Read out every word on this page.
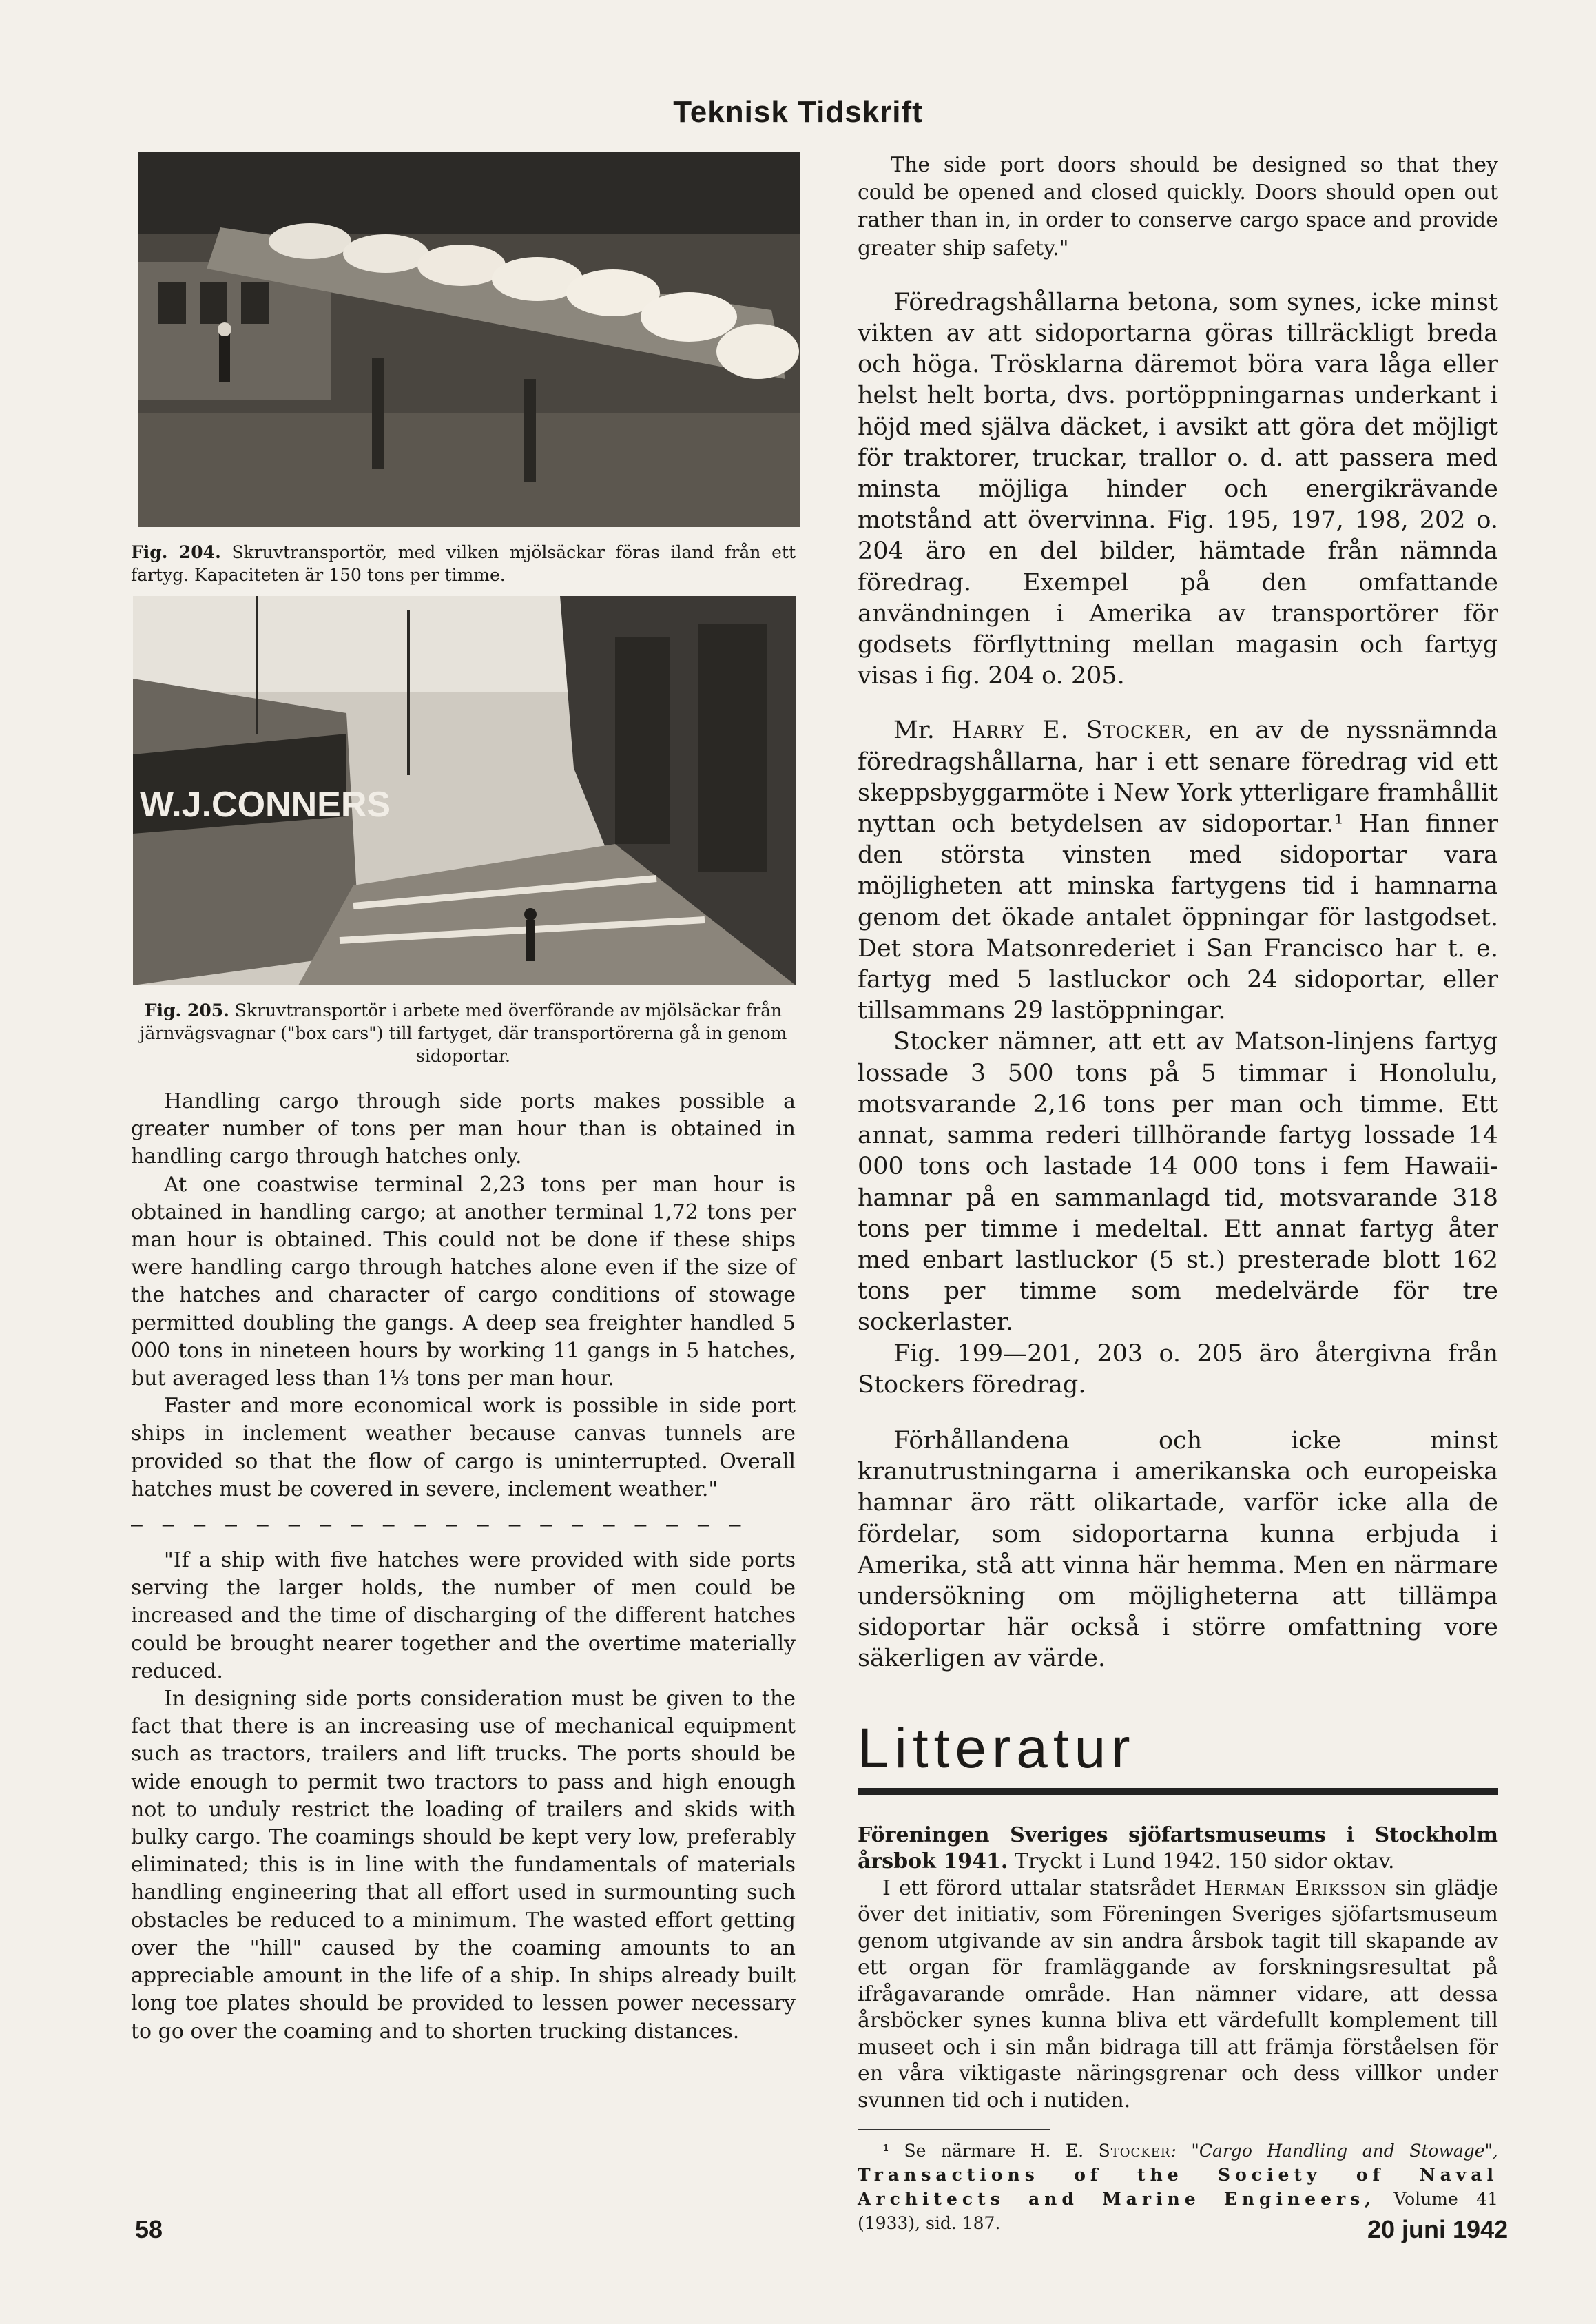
Teknisk Tidskrift

Fig. 204. Skruvtransportör, med vilken mjölsäckar föras iland från ett fartyg. Kapaciteten är 150 tons per timme.

W.J.CONNERS

Fig. 205. Skruvtransportör i arbete med överförande av mjölsäckar från järnvägsvagnar ("box cars") till fartyget, där transportörerna gå in genom sidoportar.

Handling cargo through side ports makes possible a greater number of tons per man hour than is obtained in handling cargo through hatches only.

At one coastwise terminal 2,23 tons per man hour is obtained in handling cargo; at another terminal 1,72 tons per man hour is obtained. This could not be done if these ships were handling cargo through hatches alone even if the size of the hatches and character of cargo conditions of stowage permitted doubling the gangs. A deep sea freighter handled 5 000 tons in nineteen hours by working 11 gangs in 5 hatches, but averaged less than 1⅓ tons per man hour.

Faster and more economical work is possible in side port ships in inclement weather because canvas tunnels are provided so that the flow of cargo is uninterrupted. Overall hatches must be covered in severe, inclement weather."

— — — — — — — — — — — — — — — — — — — —

"If a ship with five hatches were provided with side ports serving the larger holds, the number of men could be increased and the time of discharging of the different hatches could be brought nearer together and the overtime materially reduced.

In designing side ports consideration must be given to the fact that there is an increasing use of mechanical equipment such as tractors, trailers and lift trucks. The ports should be wide enough to permit two tractors to pass and high enough not to unduly restrict the loading of trailers and skids with bulky cargo. The coamings should be kept very low, preferably eliminated; this is in line with the fundamentals of materials handling engineering that all effort used in surmounting such obstacles be reduced to a minimum. The wasted effort getting over the "hill" caused by the coaming amounts to an appreciable amount in the life of a ship. In ships already built long toe plates should be provided to lessen power necessary to go over the coaming and to shorten trucking distances.

The side port doors should be designed so that they could be opened and closed quickly. Doors should open out rather than in, in order to conserve cargo space and provide greater ship safety."

Föredragshållarna betona, som synes, icke minst vikten av att sidoportarna göras tillräckligt breda och höga. Trösklarna däremot böra vara låga eller helst helt borta, dvs. portöppningarnas underkant i höjd med själva däcket, i avsikt att göra det möjligt för traktorer, truckar, trallor o. d. att passera med minsta möjliga hinder och energikrävande motstånd att övervinna. Fig. 195, 197, 198, 202 o. 204 äro en del bilder, hämtade från nämnda föredrag. Exempel på den omfattande användningen i Amerika av transportörer för godsets förflyttning mellan magasin och fartyg visas i fig. 204 o. 205.

Mr. Harry E. Stocker, en av de nyssnämnda föredragshållarna, har i ett senare föredrag vid ett skeppsbyggarmöte i New York ytterligare framhållit nyttan och betydelsen av sidoportar.¹ Han finner den största vinsten med sidoportar vara möjligheten att minska fartygens tid i hamnarna genom det ökade antalet öppningar för lastgodset. Det stora Matsonrederiet i San Francisco har t. e. fartyg med 5 lastluckor och 24 sidoportar, eller tillsammans 29 lastöppningar.

Stocker nämner, att ett av Matson-linjens fartyg lossade 3 500 tons på 5 timmar i Honolulu, motsvarande 2,16 tons per man och timme. Ett annat, samma rederi tillhörande fartyg lossade 14 000 tons och lastade 14 000 tons i fem Hawaii-hamnar på en sammanlagd tid, motsvarande 318 tons per timme i medeltal. Ett annat fartyg åter med enbart lastluckor (5 st.) presterade blott 162 tons per timme som medelvärde för tre sockerlaster.

Fig. 199—201, 203 o. 205 äro återgivna från Stockers föredrag.

Förhållandena och icke minst kranutrustningarna i amerikanska och europeiska hamnar äro rätt olikartade, varför icke alla de fördelar, som sidoportarna kunna erbjuda i Amerika, stå att vinna här hemma. Men en närmare undersökning om möjligheterna att tillämpa sidoportar här också i större omfattning vore säkerligen av värde.

Litteratur

Föreningen Sveriges sjöfartsmuseums i Stockholm årsbok 1941. Tryckt i Lund 1942. 150 sidor oktav.

I ett förord uttalar statsrådet Herman Eriksson sin glädje över det initiativ, som Föreningen Sveriges sjöfartsmuseum genom utgivande av sin andra årsbok tagit till skapande av ett organ för framläggande av forskningsresultat på ifrågavarande område. Han nämner vidare, att dessa årsböcker synes kunna bliva ett värdefullt komplement till museet och i sin mån bidraga till att främja förståelsen för en våra viktigaste näringsgrenar och dess villkor under svunnen tid och i nutiden.

¹ Se närmare H. E. Stocker: "Cargo Handling and Stowage", Transactions of the Society of Naval Architects and Marine Engineers, Volume 41 (1933), sid. 187.

58	20 juni 1942
